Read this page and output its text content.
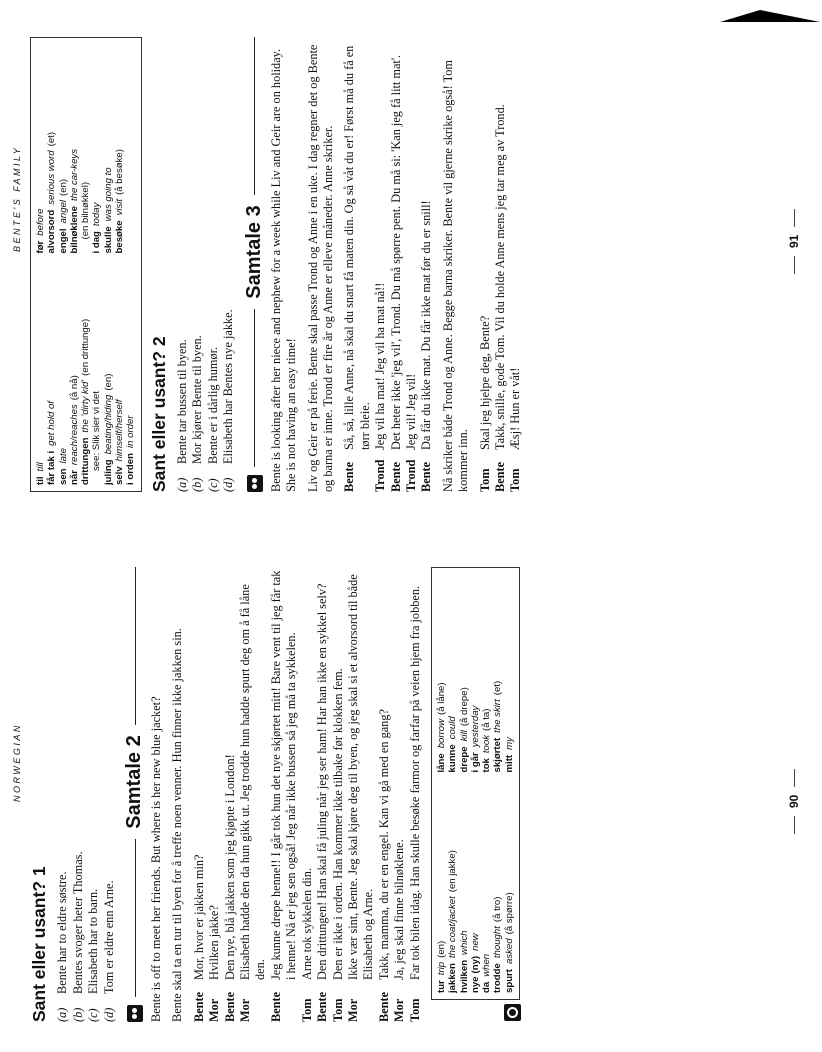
NORWEGIAN
Sant eller usant? 1 (a)
Bente har to eldre søstre.
(b)
Bentes svoger heter Thomas.
(c)
Elisabeth har to barn.
(d)
Tom er eldre enn Arne.
Samtale 2 Bente is off to meet her friends. But where is her new blue jacket? Bente skal ta en tur til byen for å treffe noen venner. Hun finner ikke jakken sin. Bente
Mor, hvor er jakken min?
Mor
Hvilken jakke?
Bente
Den nye, blå jakken som jeg kjøpte i London!
Mor
Elisabeth hadde den da hun gikk ut. Jeg trodde hun hadde spurt deg om å få låne den.
Bente
Jeg kunne drepe henne!! I går tok hun det nye skjørtet mitt! Bare vent til jeg får tak i henne! Nå er jeg sen også! Jeg når ikke bussen så jeg må ta sykkelen.
Tom
Arne tok sykkelen din.
Bente
Den drittungen! Han skal få juling når jeg ser ham! Har han ikke en sykkel selv?
Tom
Den er ikke i orden. Han kommer ikke tilbake før klokken fem.
Mor
Ikke vær sint, Bente. Jeg skal kjøre deg til byen, og jeg skal si et alvorsord til både Elisabeth og Arne.
Bente
Takk, mamma, du er en engel. Kan vi gå med en gang?
Mor
Ja, jeg skal finne bilnøklene.
Tom
Far tok bilen idag. Han skulle besøke farmor og farfar på veien hjem fra jobben.
turtrip(en)
jakkenthe coat/jacket(en jakke)
hvilkenwhich
nye(ny)new
dawhen troddethought(å tro)
spurtasked(å spørre)
låneborrow(å låne)
kunnecould
drepekill(å drepe)
i gåryesterday
toktook(å ta)
skjørtetthe skirt(et)
mittmy
90
BENTE'S FAMILY
tiltill får tak iget hold of
senlate
nårreach/reaches(å nå)
drittungenthe 'dirty kid'(en drittunge)
see: Slik sier vi det
julingbeating/hiding(en)
selvhimself/herself
i ordenin order
førbefore alvorsordserious word(et)
engelangel(en)
bilnøklenethe car-keys
(en bilnøkkel)
i dagtoday
skullewas going to
besøkevisit(å besøke)
Sant eller usant? 2 (a)
Bente tar bussen til byen.
(b)
Mor kjører Bente til byen.
(c)
Bente er i dårlig humør.
(d)
Elisabeth har Bentes nye jakke.
Samtale 3 Bente is looking after her niece and nephew for a week while Liv and Geir are on holiday. She is not having an easy time! Liv og Geir er på ferie. Bente skal passe Trond og Anne i en uke. I dag regner det og Bente og barna er inne. Trond er fire år og Anne er elleve måneder. Anne skriker. Bente
Så, så, lille Anne, nå skal du snart få maten din. Og så våt du er! Først må du få en tørr bleie.
Trond
Jeg vil ha mat! Jeg vil ha mat nå!!
Bente
Det heter ikke 'jeg vil', Trond. Du må spørre pent. Du må si: 'Kan jeg få litt mat'.
Trond
Jeg vil! Jeg vil!
Bente
Da får du ikke mat. Du får ikke mat før du er snill! Nå skriker både Trond og Anne. Begge barna skriker. Bente vil gjerne skrike også! Tom kommer inn. Tom
Skal jeg hjelpe deg, Bente?
Bente
Takk, snille, gode Tom. Vil du holde Anne mens jeg tar meg av Trond.
Tom
Æsj! Hun er våt!
91
